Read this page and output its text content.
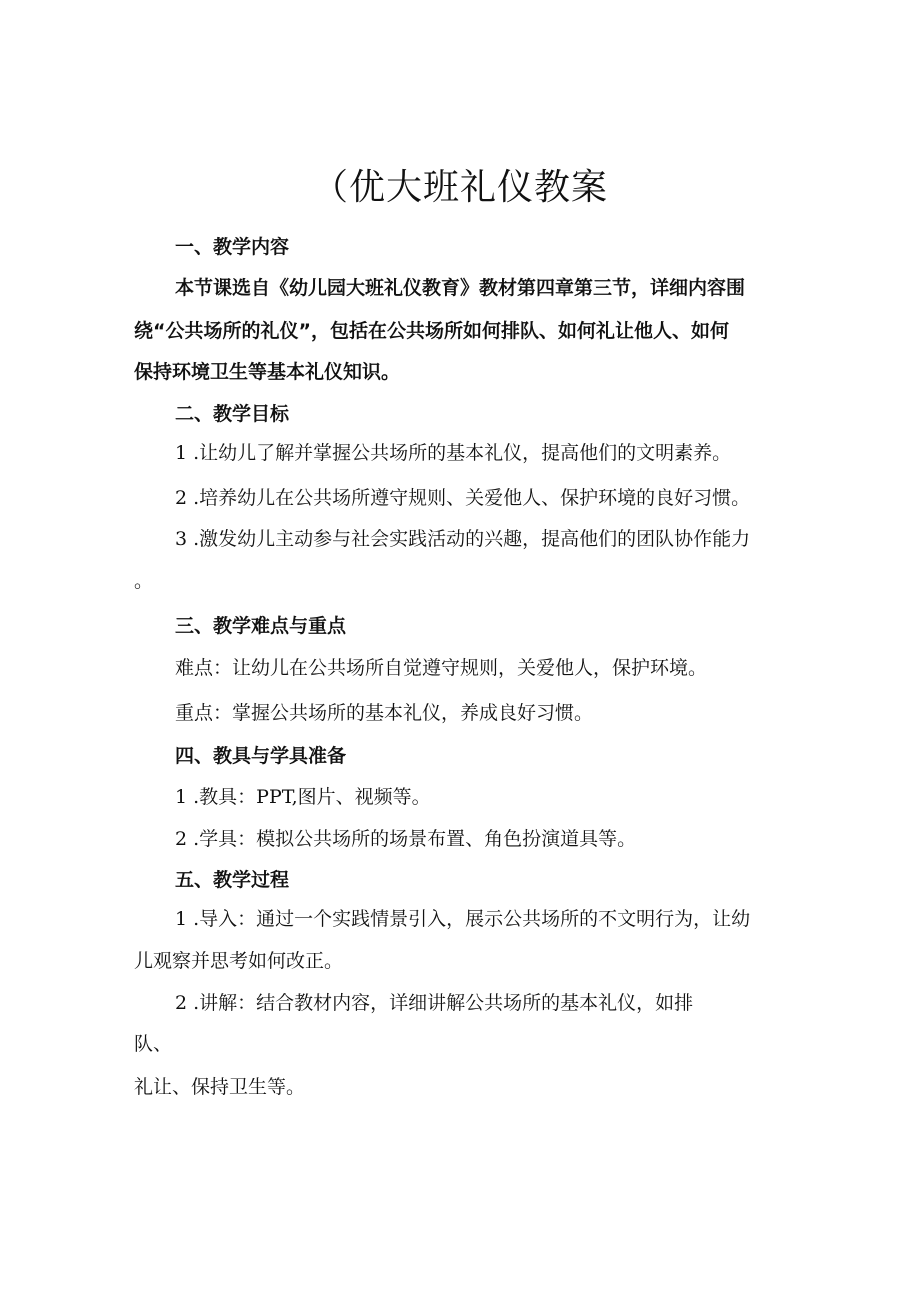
（优大班礼仪教案
一、教学内容
本节课选自《幼儿园大班礼仪教育》教材第四章第三节，详细内容围
绕“公共场所的礼仪”，包括在公共场所如何排队、如何礼让他人、如何
保持环境卫生等基本礼仪知识。
二、教学目标
1 .让幼儿了解并掌握公共场所的基本礼仪，提高他们的文明素养。
2 .培养幼儿在公共场所遵守规则、关爱他人、保护环境的良好习惯。
3 .激发幼儿主动参与社会实践活动的兴趣，提高他们的团队协作能力
。
三、教学难点与重点
难点：让幼儿在公共场所自觉遵守规则，关爱他人，保护环境。
重点：掌握公共场所的基本礼仪，养成良好习惯。
四、教具与学具准备
1 .教具：PPT,图片、视频等。
2 .学具：模拟公共场所的场景布置、角色扮演道具等。
五、教学过程
1 .导入：通过一个实践情景引入，展示公共场所的不文明行为，让幼
儿观察并思考如何改正。
2 .讲解：结合教材内容，详细讲解公共场所的基本礼仪，如排
队、
礼让、保持卫生等。
